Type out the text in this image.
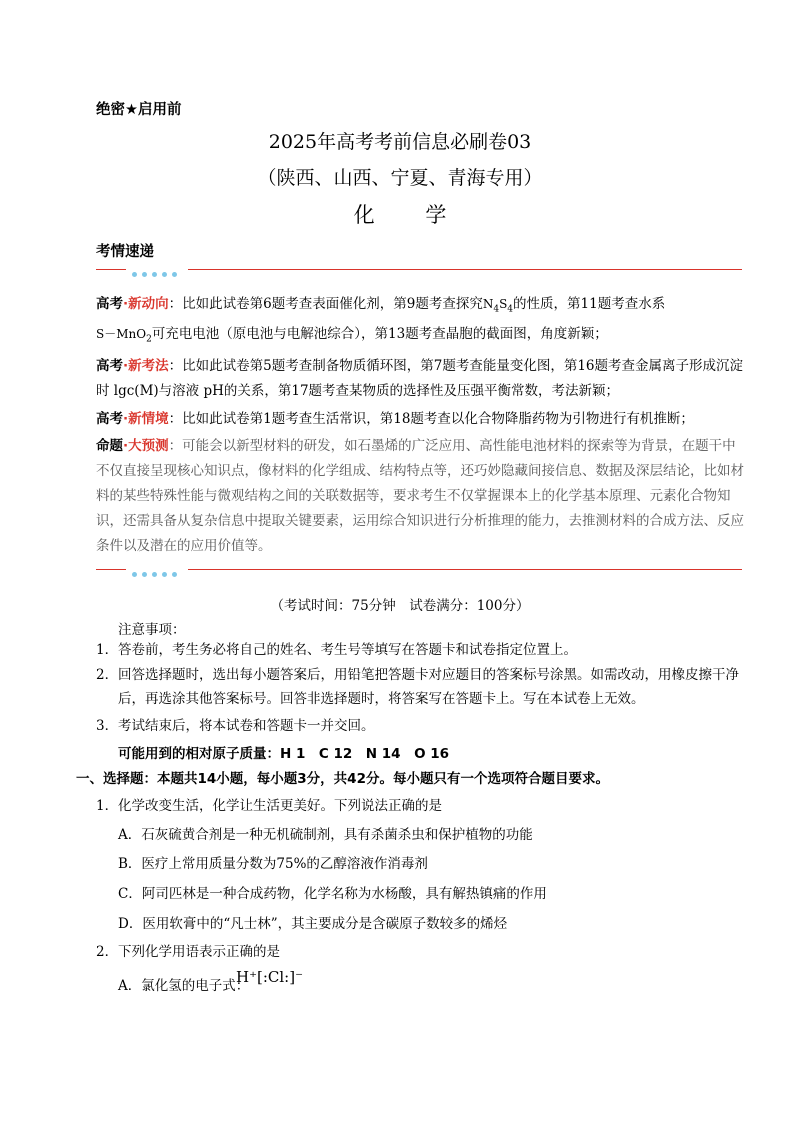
绝密★启用前
2025年高考考前信息必刷卷03
（陕西、山西、宁夏、青海专用）
化 学
考情速递
高考·新动向：比如此试卷第6题考查表面催化剂，第9题考查探究$N_4S_4$的性质，第11题考查水系
S－MnO$_2$可充电电池（原电池与电解池综合），第13题考查晶胞的截面图，角度新颖；
高考·新考法：比如此试卷第5题考查制备物质循环图，第7题考查能量变化图，第16题考查金属离子形成沉淀时 lgc(M)与溶液 pH的关系，第17题考查某物质的选择性及压强平衡常数，考法新颖；
高考·新情境：比如此试卷第1题考查生活常识，第18题考查以化合物降脂药物为引物进行有机推断；
命题·大预测：可能会以新型材料的研发，如石墨烯的广泛应用、高性能电池材料的探索等为背景，在题干中不仅直接呈现核心知识点，像材料的化学组成、结构特点等，还巧妙隐藏间接信息、数据及深层结论，比如材料的某些特殊性能与微观结构之间的关联数据等，要求考生不仅掌握课本上的化学基本原理、元素化合物知识，还需具备从复杂信息中提取关键要素，运用综合知识进行分析推理的能力，去推测材料的合成方法、反应条件以及潜在的应用价值等。
（考试时间：75分钟　试卷满分：100分）
注意事项：
1． 答卷前，考生务必将自己的姓名、考生号等填写在答题卡和试卷指定位置上。
2． 回答选择题时，选出每小题答案后，用铅笔把答题卡对应题目的答案标号涂黑。如需改动，用橡皮擦干净后，再选涂其他答案标号。回答非选择题时，将答案写在答题卡上。写在本试卷上无效。
3． 考试结束后，将本试卷和答题卡一并交回。
可能用到的相对原子质量：H 1　C 12　N 14　O 16
一、选择题：本题共14小题，每小题3分，共42分。每小题只有一个选项符合题目要求。
1． 化学改变生活，化学让生活更美好。下列说法正确的是
A．石灰硫黄合剂是一种无机硫制剂，具有杀菌杀虫和保护植物的功能
B．医疗上常用质量分数为75%的乙醇溶液作消毒剂
C．阿司匹林是一种合成药物，化学名称为水杨酸，具有解热镇痛的作用
D．医用软膏中的“凡士林”，其主要成分是含碳原子数较多的烯烃
2． 下列化学用语表示正确的是
A．氯化氢的电子式：
H⁺[:Cl:]⁻
